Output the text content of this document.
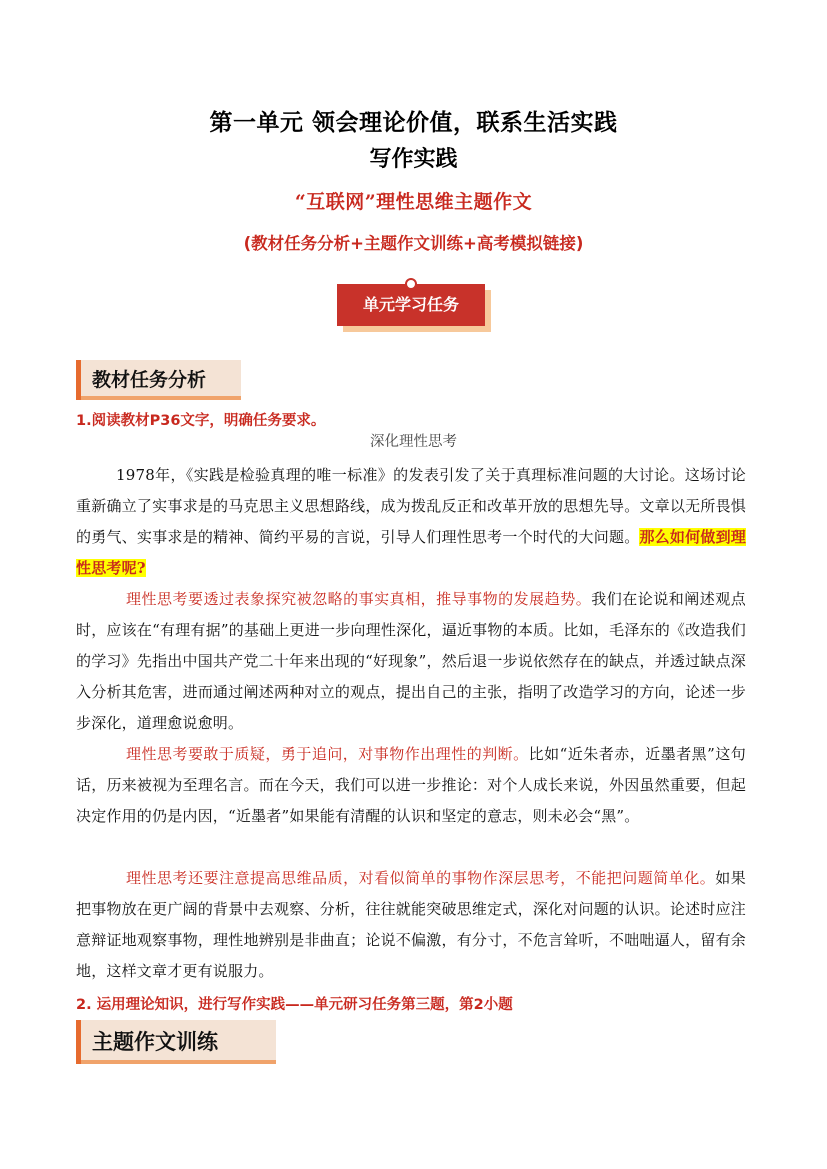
第一单元 领会理论价值，联系生活实践
写作实践
“互联网”理性思维主题作文
(教材任务分析+主题作文训练+高考模拟链接)
单元学习任务
教材任务分析
1.阅读教材P36文字，明确任务要求。
深化理性思考

1978年，《实践是检验真理的唯一标准》的发表引发了关于真理标准问题的大讨论。这场讨论重新确立了实事求是的马克思主义思想路线，成为拨乱反正和改革开放的思想先导。文章以无所畏惧的勇气、实事求是的精神、简约平易的言说，引导人们理性思考一个时代的大问题。那么如何做到理性思考呢?

理性思考要透过表象探究被忽略的事实真相，推导事物的发展趋势。我们在论说和阐述观点时，应该在“有理有据”的基础上更进一步向理性深化，逼近事物的本质。比如，毛泽东的《改造我们的学习》先指出中国共产党二十年来出现的“好现象”，然后退一步说依然存在的缺点，并透过缺点深入分析其危害，进而通过阐述两种对立的观点，提出自己的主张，指明了改造学习的方向，论述一步步深化，道理愈说愈明。

理性思考要敢于质疑，勇于追问，对事物作出理性的判断。比如“近朱者赤，近墨者黑”这句话，历来被视为至理名言。而在今天，我们可以进一步推论：对个人成长来说，外因虽然重要，但起决定作用的仍是内因，“近墨者”如果能有清醒的认识和坚定的意志，则未必会“黑”。

理性思考还要注意提高思维品质，对看似简单的事物作深层思考，不能把问题简单化。如果把事物放在更广阔的背景中去观察、分析，往往就能突破思维定式，深化对问题的认识。论述时应注意辩证地观察事物，理性地辨别是非曲直；论说不偏激，有分寸，不危言耸听，不咄咄逼人，留有余地，这样文章才更有说服力。

2. 运用理论知识，进行写作实践——单元研习任务第三题，第2小题
主题作文训练
